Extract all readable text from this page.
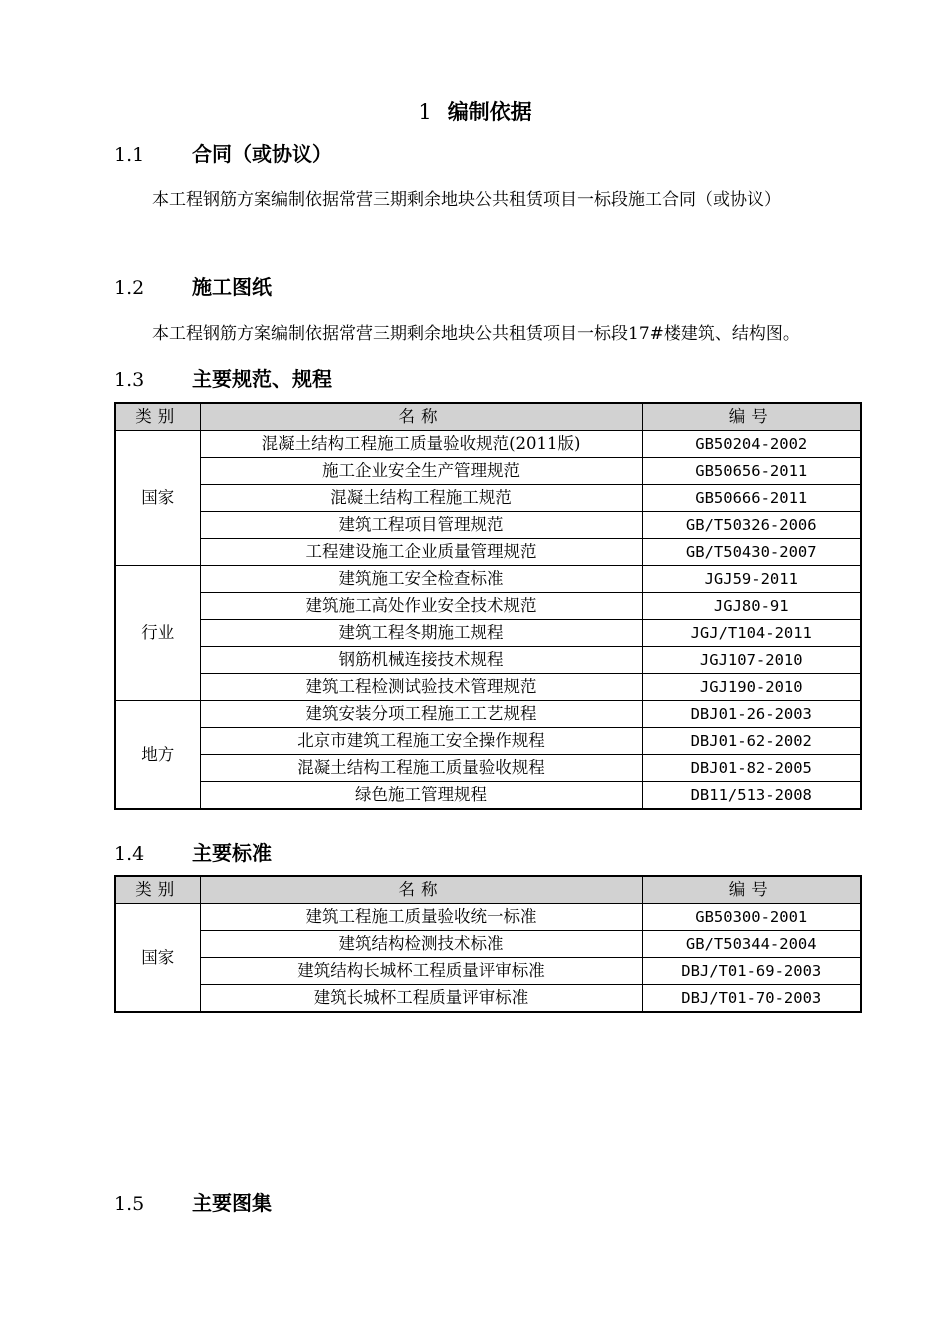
1 编制依据
1.1	合同（或协议）
本工程钢筋方案编制依据常营三期剩余地块公共租赁项目一标段施工合同（或协议）
1.2	施工图纸
本工程钢筋方案编制依据常营三期剩余地块公共租赁项目一标段17#楼建筑、结构图。
1.3	主要规范、规程
类别	名称	编号
国家	混凝土结构工程施工质量验收规范(2011版)	GB50204-2002
	施工企业安全生产管理规范	GB50656-2011
	混凝土结构工程施工规范	GB50666-2011
	建筑工程项目管理规范	GB/T50326-2006
	工程建设施工企业质量管理规范	GB/T50430-2007
行业	建筑施工安全检查标准	JGJ59-2011
	建筑施工高处作业安全技术规范	JGJ80-91
	建筑工程冬期施工规程	JGJ/T104-2011
	钢筋机械连接技术规程	JGJ107-2010
	建筑工程检测试验技术管理规范	JGJ190-2010
地方	建筑安装分项工程施工工艺规程	DBJ01-26-2003
	北京市建筑工程施工安全操作规程	DBJ01-62-2002
	混凝土结构工程施工质量验收规程	DBJ01-82-2005
	绿色施工管理规程	DB11/513-2008
1.4	主要标准
类别	名称	编号
国家	建筑工程施工质量验收统一标准	GB50300-2001
	建筑结构检测技术标准	GB/T50344-2004
	建筑结构长城杯工程质量评审标准	DBJ/T01-69-2003
	建筑长城杯工程质量评审标准	DBJ/T01-70-2003
1.5	主要图集
